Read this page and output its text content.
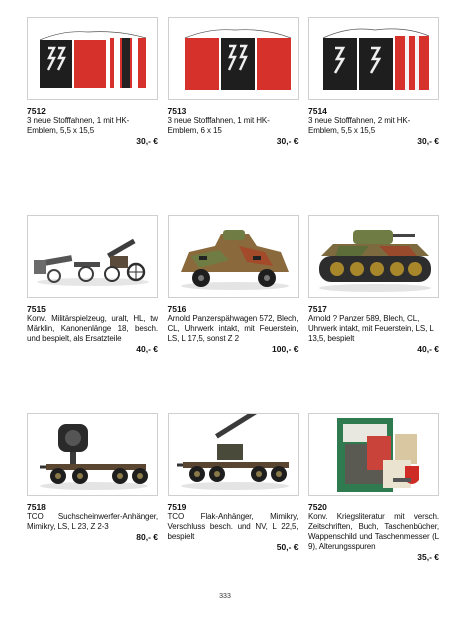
7512
3 neue Stofffahnen, 1 mit HK-Emblem, 5,5 x 15,5
30,- €
7513
3 neue Stofffahnen, 1 mit HK-Emblem, 6 x 15
30,- €
7514
3 neue Stofffahnen, 2 mit HK-Emblem, 5,5 x 15,5
30,- €
7515
Konv. Militärspielzeug, uralt, HL, tw Märklin, Kanonenlänge 18, besch. und bespielt, als Ersatzteile
40,- €
7516
Arnold Panzerspähwagen 572, Blech, CL, Uhrwerk intakt, mit Feuerstein, LS, L 17,5, sonst Z 2
100,- €
7517
Arnold ? Panzer 589, Blech, CL, Uhrwerk intakt, mit Feuerstein, LS, L 13,5, bespielt
40,- €
7518
TCO Suchscheinwerfer-Anhänger, Mimikry, LS, L 23, Z 2-3
80,- €
7519
TCO Flak-Anhänger, Mimikry, Verschluss besch. und NV, L 22,5, bespielt
50,- €
7520
Konv. Kriegsliteratur mit versch. Zeitschriften, Buch, Taschenbücher, Wappenschild und Taschenmesser (L 9), Alterungsspuren
35,- €
333
